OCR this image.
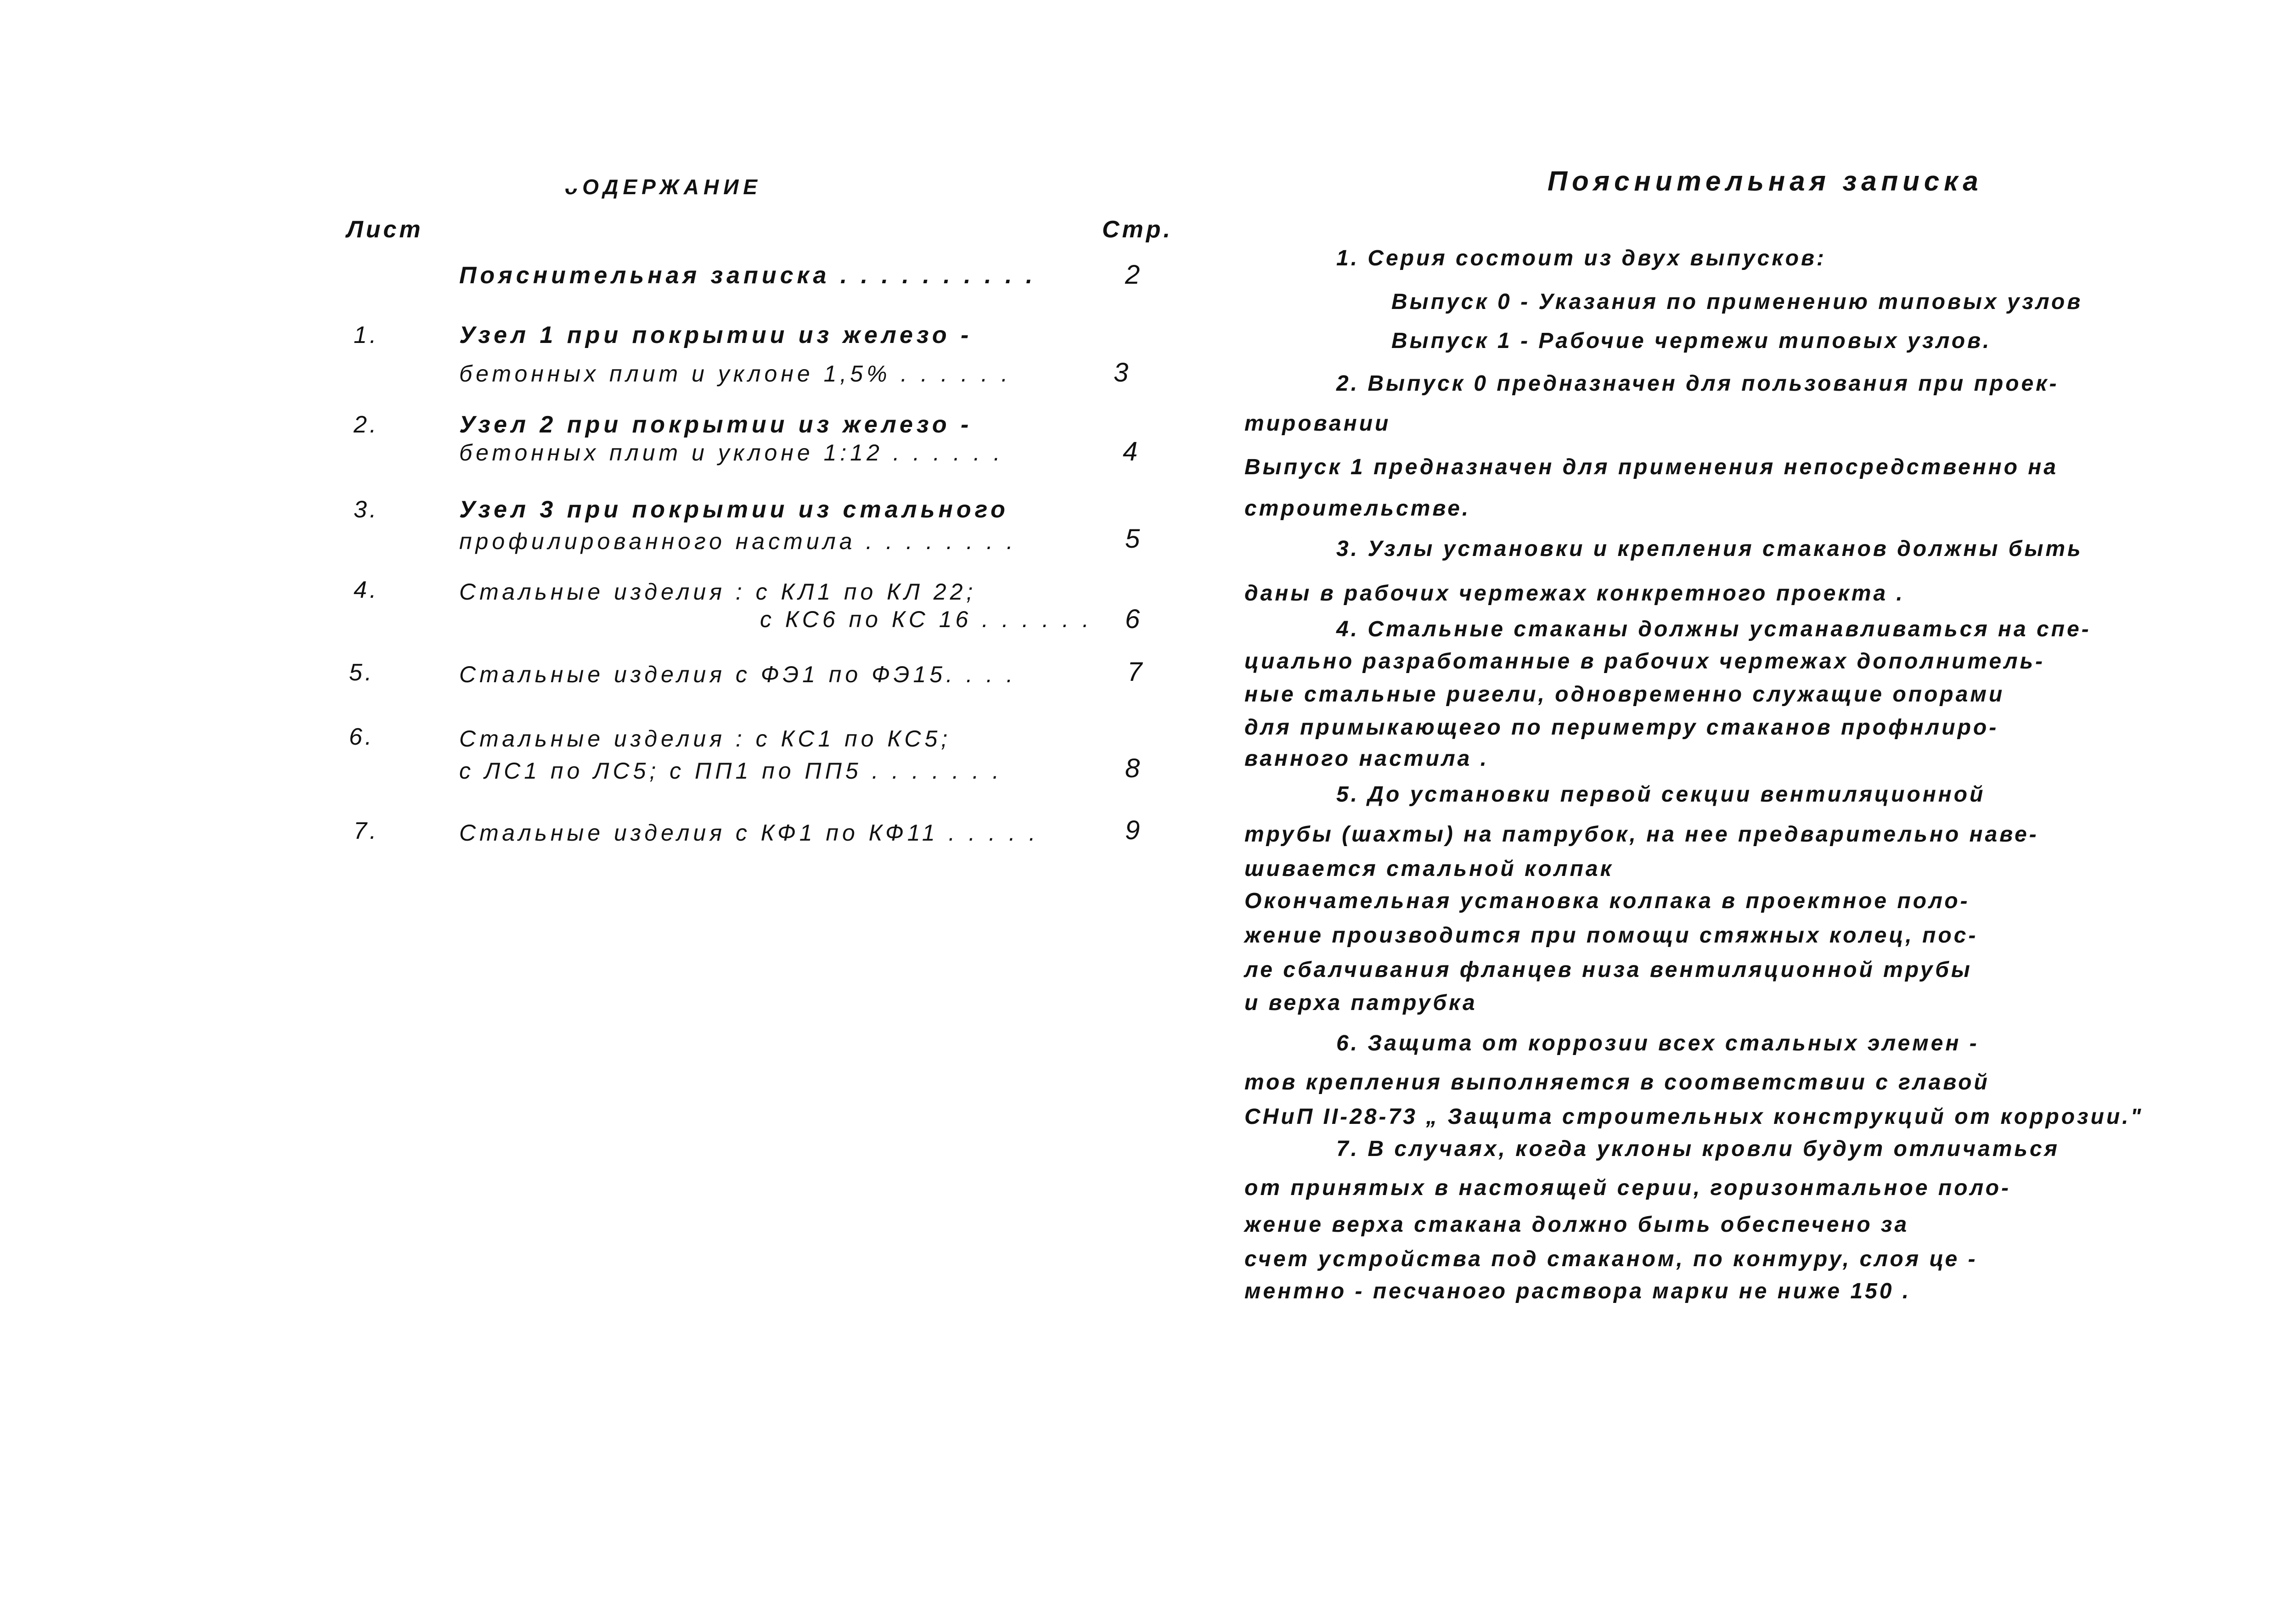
ᴗОДЕРЖАНИЕ
Лист	Стр.
Пояснительная записка . . . . . . . . . .	2
1.	Узел 1 при покрытии из железо -
бетонных плит и уклоне 1,5% . . . . . .	3
2.	Узел 2 при покрытии из железо -
бетонных плит и уклоне 1:12 . . . . . .	4
3.	Узел 3 при покрытии из стального
профилированного настила . . . . . . . .	5
4.	Стальные изделия : с КЛ1 по КЛ 22;
с КС6 по КС 16 . . . . . . 6
5.	Стальные изделия с ФЭ1 по ФЭ15. . . .	7
6.	Стальные изделия : с КС1 по КС5;
с ЛС1 по ЛС5; с ПП1 по ПП5 . . . . . . .	8
7.	Стальные изделия с КФ1 по КФ11 . . . . .	9
Пояснительная записка
1. Серия состоит из двух выпусков:
Выпуск 0 - Указания по применению типовых узлов
Выпуск 1 - Рабочие чертежи типовых узлов.
2. Выпуск 0 предназначен для пользования при проек-
тировании
Выпуск 1 предназначен для применения непосредственно на
строительстве.
3. Узлы установки и крепления стаканов должны быть
даны в рабочих чертежах конкретного проекта .
4. Стальные стаканы должны устанавливаться на спе-
циально разработанные в рабочих чертежах дополнитель-
ные стальные ригели, одновременно служащие опорами
для примыкающего по периметру стаканов профнлиро-
ванного настила .
5. До установки первой секции вентиляционной
трубы (шахты) на патрубок, на нее предварительно наве-
шивается стальной колпак
Окончательная установка колпака в проектное поло-
жение производится при помощи стяжных колец, пос-
ле сбалчивания фланцев низа вентиляционной трубы
и верха патрубка
6. Защита от коррозии всех стальных элемен -
тов крепления выполняется в соответствии с главой
СНиП II-28-73 „ Защита строительных конструкций от коррозии."
7. В случаях, когда уклоны кровли будут отличаться
от принятых в настоящей серии, горизонтальное поло-
жение верха стакана должно быть обеспечено за
счет устройства под стаканом, по контуру, слоя це -
ментно - песчаного раствора марки не ниже 150 .
